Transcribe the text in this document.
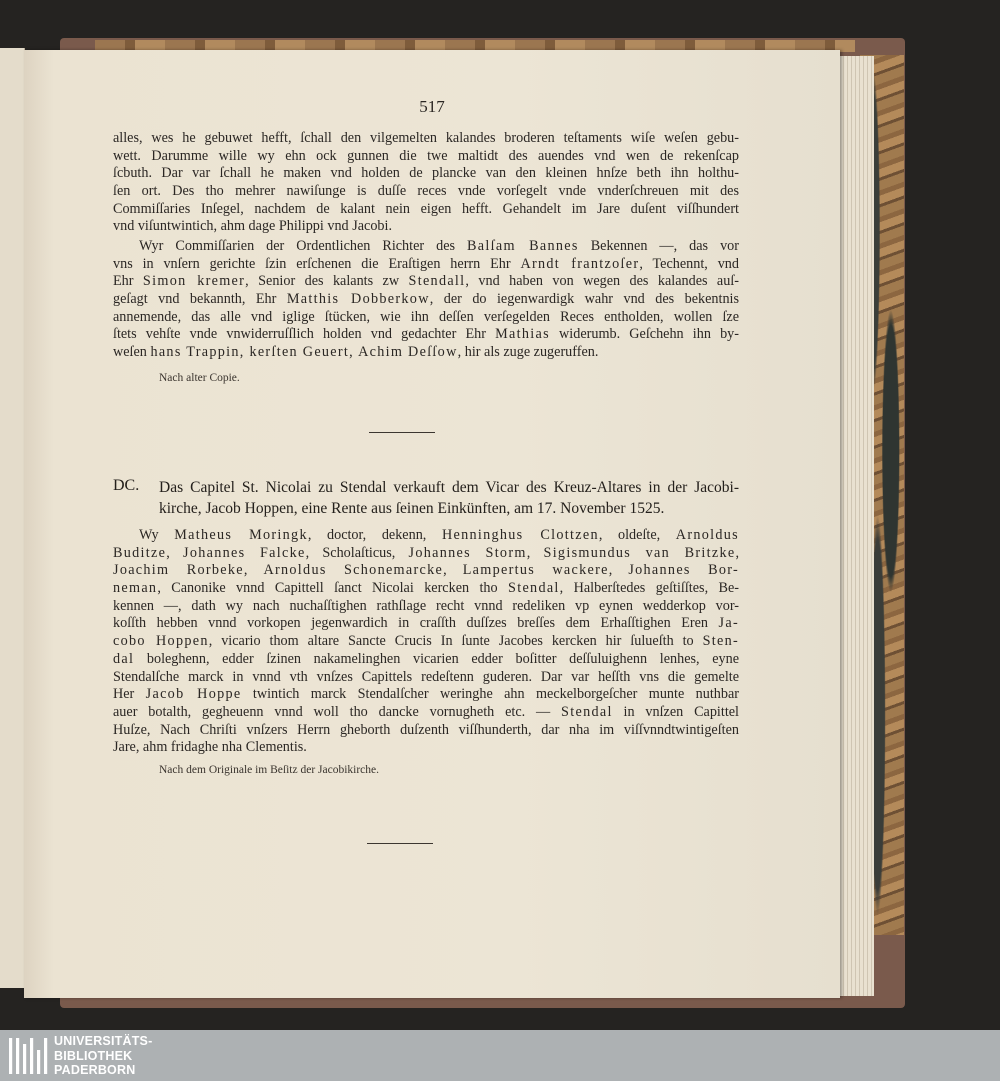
517
alles, wes he gebuwet hefft, ſchall den vilgemelten kalandes broderen teſtaments wiſe weſen gebu-
wett. Darumme wille wy ehn ock gunnen die twe maltidt des auendes vnd wen de rekenſcap
ſcbuth. Dar var ſchall he maken vnd holden de plancke van den kleinen hnſze beth ihn holthu-
ſen ort. Des tho mehrer nawiſunge is duſſe reces vnde vorſegelt vnde vnderſchreuen mit des
Commiſſaries Inſegel, nachdem de kalant nein eigen hefft. Gehandelt im Jare duſent viſſhundert
vnd viſuntwintich, ahm dage Philippi vnd Jacobi.
Wyr Commiſſarien der Ordentlichen Richter des Balſam Bannes Bekennen —, das vor
vns in vnſern gerichte ſzin erſchenen die Eraſtigen herrn Ehr Arndt frantzoſer, Techennt, vnd
Ehr Simon kremer, Senior des kalants zw Stendall, vnd haben von wegen des kalandes auſ-
geſagt vnd bekannth, Ehr Matthis Dobberkow, der do iegenwardigk wahr vnd des bekentnis
annemende, das alle vnd iglige ſtücken, wie ihn deſſen verſegelden Reces entholden, wollen ſze
ſtets vehſte vnde vnwiderruſſlich holden vnd gedachter Ehr Mathias widerumb. Geſchehn ihn by-
weſen hans Trappin, kerſten Geuert, Achim Deſſow, hir als zuge zugeruffen.
Nach alter Copie.
DC.	Das Capitel St. Nicolai zu Stendal verkauft dem Vicar des Kreuz-Altares in der Jacobi-
kirche, Jacob Hoppen, eine Rente aus ſeinen Einkünften, am 17. November 1525.
Wy Matheus Moringk, doctor, dekenn, Henninghus Clottzen, oldeſte, Arnoldus
Buditze, Johannes Falcke, Scholaſticus, Johannes Storm, Sigismundus van Britzke,
Joachim Rorbeke, Arnoldus Schonemarcke, Lampertus wackere, Johannes Bor-
neman, Canonike vnnd Capittell ſanct Nicolai kercken tho Stendal, Halberſtedes geſtiſſtes, Be-
kennen —, dath wy nach nuchaſſtighen rathſlage recht vnnd redeliken vp eynen wedderkop vor-
koſſth hebben vnnd vorkopen jegenwardich in craſſth duſſzes breſſes dem Erhaſſtighen Eren Ja-
cobo Hoppen, vicario thom altare Sancte Crucis In ſunte Jacobes kercken hir ſulueſth to Sten-
dal boleghenn, edder ſzinen nakamelinghen vicarien edder boſitter deſſuluighenn lenhes, eyne
Stendalſche marck in vnnd vth vnſzes Capittels redeſtenn guderen. Dar var heſſth vns die gemelte
Her Jacob Hoppe twintich marck Stendalſcher weringhe ahn meckelborgeſcher munte nuthbar
auer botalth, gegheuenn vnnd woll tho dancke vornugheth etc. — Stendal in vnſzen Capittel
Huſze, Nach Chriſti vnſzers Herrn gheborth duſzenth viſſhunderth, dar nha im viſſvnndtwintigeſten
Jare, ahm fridaghe nha Clementis.
Nach dem Originale im Beſitz der Jacobikirche.
UNIVERSITÄTS-
BIBLIOTHEK
PADERBORN
